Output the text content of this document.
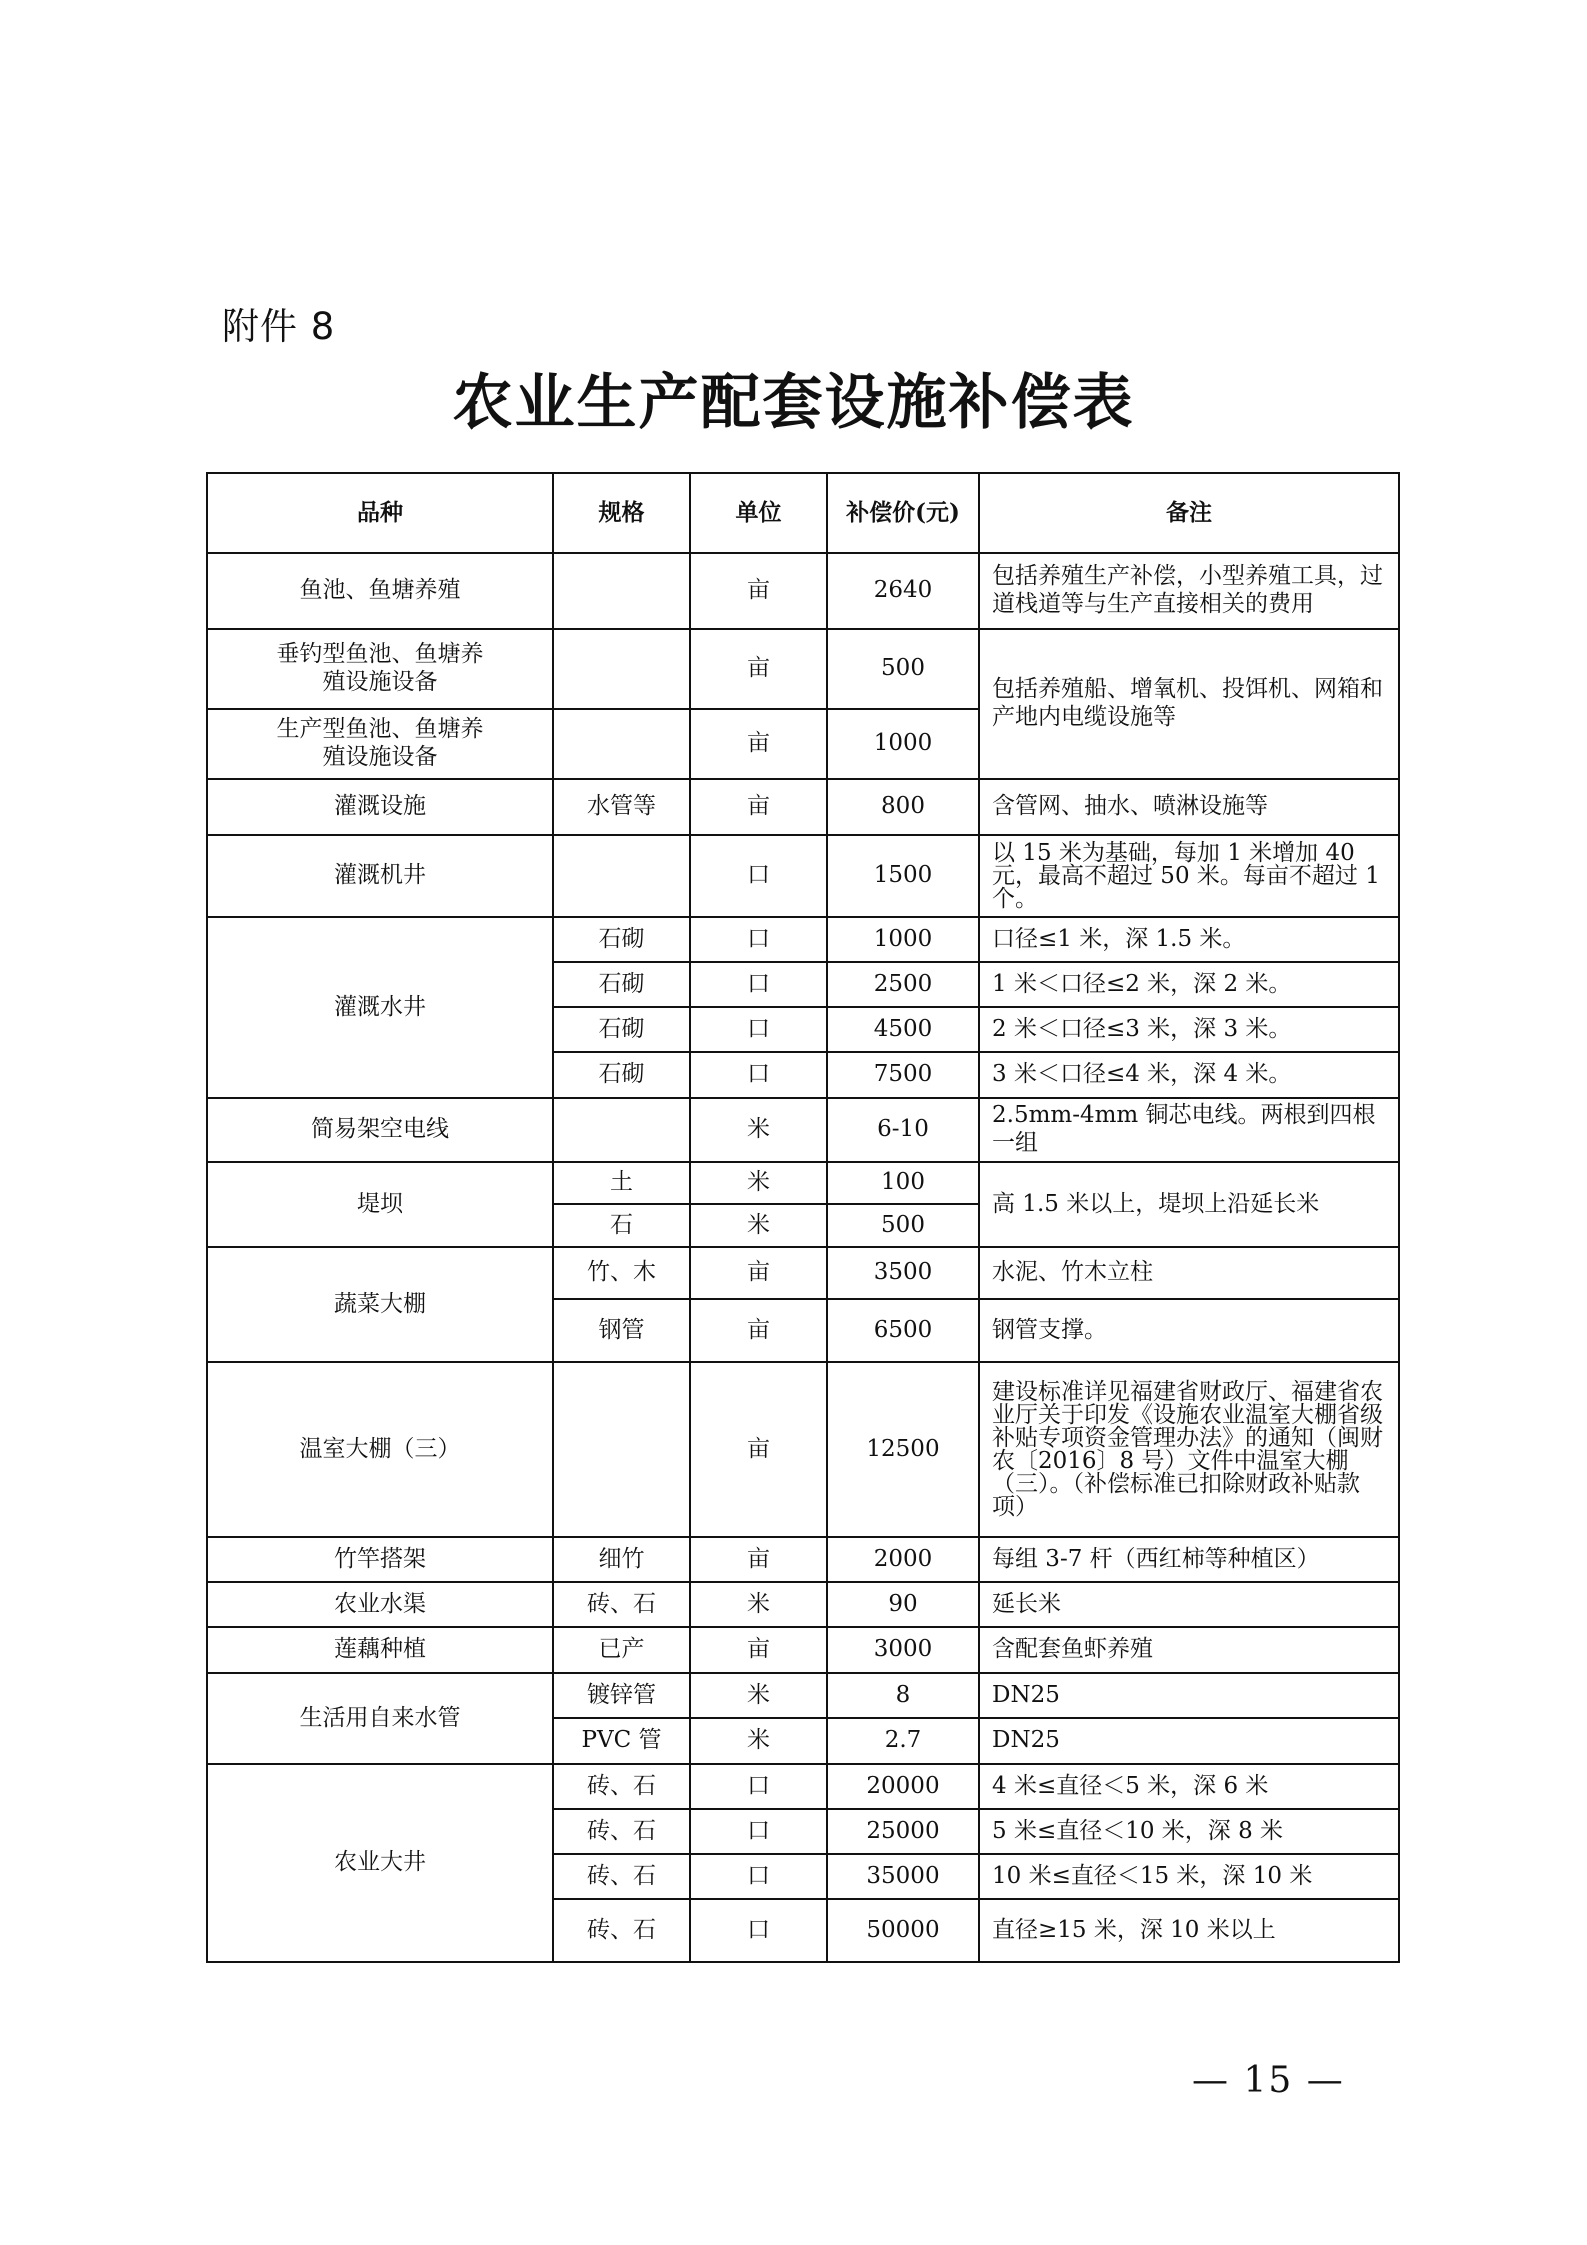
附件 8
农业生产配套设施补偿表
品种	规格	单位	补偿价(元)	备注
鱼池、鱼塘养殖		亩	2640	包括养殖生产补偿，小型养殖工具，过道栈道等与生产直接相关的费用
垂钓型鱼池、鱼塘养殖设施设备		亩	500	包括养殖船、增氧机、投饵机、网箱和产地内电缆设施等
生产型鱼池、鱼塘养殖设施设备		亩	1000	
灌溉设施	水管等	亩	800	含管网、抽水、喷淋设施等
灌溉机井		口	1500	以 15 米为基础，每加 1 米增加 40 元，最高不超过 50 米。每亩不超过 1 个。
灌溉水井	石砌	口	1000	口径≤1 米，深 1.5 米。
	石砌	口	2500	1 米＜口径≤2 米，深 2 米。
	石砌	口	4500	2 米＜口径≤3 米，深 3 米。
	石砌	口	7500	3 米＜口径≤4 米，深 4 米。
简易架空电线		米	6-10	2.5mm-4mm 铜芯电线。两根到四根一组
堤坝	土	米	100	高 1.5 米以上，堤坝上沿延长米
	石	米	500	
蔬菜大棚	竹、木	亩	3500	水泥、竹木立柱
	钢管	亩	6500	钢管支撑。
温室大棚（三）		亩	12500	建设标准详见福建省财政厅、福建省农业厅关于印发《设施农业温室大棚省级补贴专项资金管理办法》的通知（闽财农〔2016〕8 号）文件中温室大棚（三）。（补偿标准已扣除财政补贴款项）
竹竿搭架	细竹	亩	2000	每组 3-7 杆（西红柿等种植区）
农业水渠	砖、石	米	90	延长米
莲藕种植	已产	亩	3000	含配套鱼虾养殖
生活用自来水管	镀锌管	米	8	DN25
	PVC 管	米	2.7	DN25
农业大井	砖、石	口	20000	4 米≤直径＜5 米，深 6 米
	砖、石	口	25000	5 米≤直径＜10 米，深 8 米
	砖、石	口	35000	10 米≤直径＜15 米，深 10 米
	砖、石	口	50000	直径≥15 米，深 10 米以上
— 15 —
